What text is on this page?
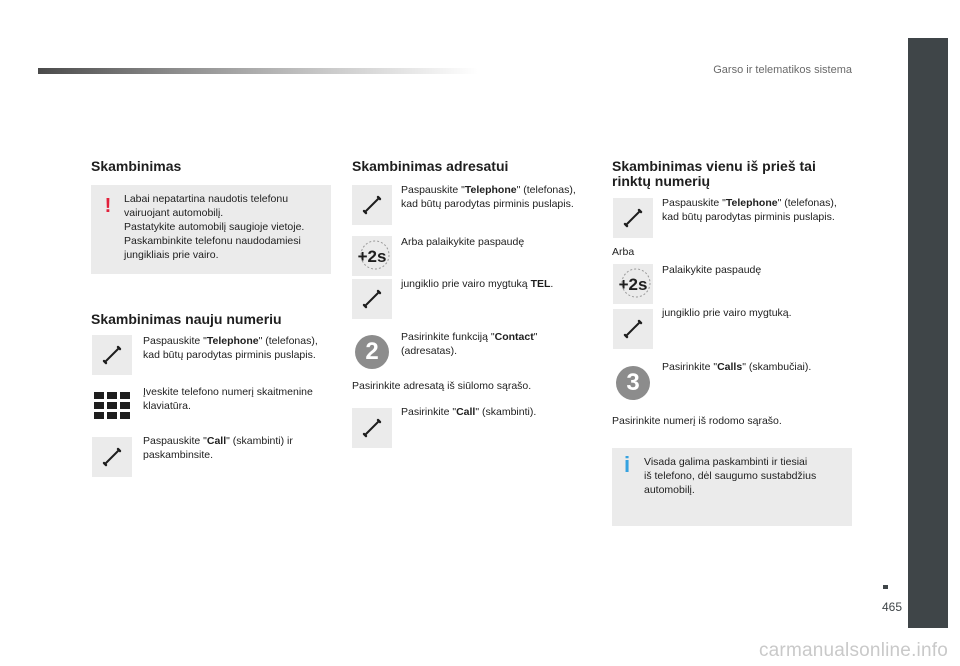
Garso ir telematikos sistema
465
carmanualsonline.info
Skambinimas
!	Labai nepatartina naudotis telefonu
vairuojant automobilį.
Pastatykite automobilį saugioje vietoje.
Paskambinkite telefonu naudodamiesi
jungikliais prie vairo.
Skambinimas nauju numeriu
Paspauskite "Telephone" (telefonas),
kad būtų parodytas pirminis puslapis.
Įveskite telefono numerį skaitmenine
klaviatūra.
Paspauskite "Call" (skambinti) ir
paskambinsite.
Skambinimas adresatui
Paspauskite "Telephone" (telefonas),
kad būtų parodytas pirminis puslapis.
+2s
Arba palaikykite paspaudę
jungiklio prie vairo mygtuką TEL.
2
Pasirinkite funkciją "Contact"
(adresatas).
Pasirinkite adresatą iš siūlomo sąrašo.
Pasirinkite "Call" (skambinti).
Skambinimas vienu iš prieš tai
rinktų numerių
Paspauskite "Telephone" (telefonas),
kad būtų parodytas pirminis puslapis.
Arba
+2s
Palaikykite paspaudę
jungiklio prie vairo mygtuką.
3
Pasirinkite "Calls" (skambučiai).
Pasirinkite numerį iš rodomo sąrašo.
i	Visada galima paskambinti ir tiesiai
iš telefono, dėl saugumo sustabdžius
automobilį.
